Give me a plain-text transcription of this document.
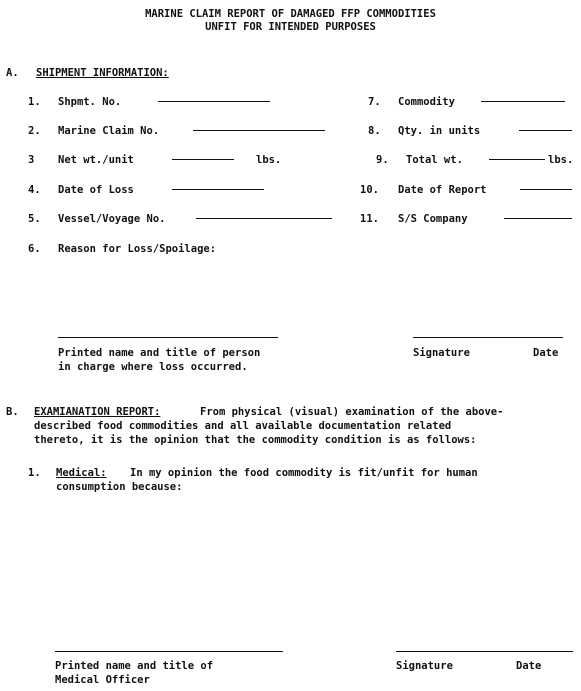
MARINE CLAIM REPORT OF DAMAGED FFP COMMODITIES
UNFIT FOR INTENDED PURPOSES
A. SHIPMENT INFORMATION:
1. Shpmt. No.
2. Marine Claim No.
3 Net wt./unit	lbs.
4. Date of Loss
5. Vessel/Voyage No.
6. Reason for Loss/Spoilage:
7. Commodity
8. Qty. in units
9. Total wt.	lbs.
10. Date of Report
11. S/S Company
Printed name and title of person
in charge where loss occurred.
Signature	Date
B. EXAMIANATION REPORT:	From physical (visual) examination of the above-
described food commodities and all available documentation related
thereto, it is the opinion that the commodity condition is as follows:
1. Medical: In my opinion the food commodity is fit/unfit for human
consumption because:
Printed name and title of
Medical Officer
Signature	Date
